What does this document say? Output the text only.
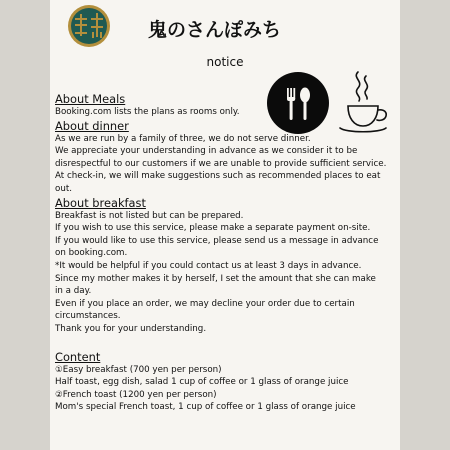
鬼のさんぽみち
notice
About Meals
Booking.com lists the plans as rooms only.
About dinner
As we are run by a family of three, we do not serve dinner.
We appreciate your understanding in advance as we consider it to be
disrespectful to our customers if we are unable to provide sufficient service.
At check-in, we will make suggestions such as recommended places to eat
out.
About breakfast
Breakfast is not listed but can be prepared.
If you wish to use this service, please make a separate payment on-site.
If you would like to use this service, please send us a message in advance
on booking.com.
*It would be helpful if you could contact us at least 3 days in advance.
Since my mother makes it by herself, I set the amount that she can make
in a day.
Even if you place an order, we may decline your order due to certain
circumstances.
Thank you for your understanding.
Content
①Easy breakfast (700 yen per person)
Half toast, egg dish, salad 1 cup of coffee or 1 glass of orange juice
②French toast (1200 yen per person)
Mom's special French toast, 1 cup of coffee or 1 glass of orange juice
